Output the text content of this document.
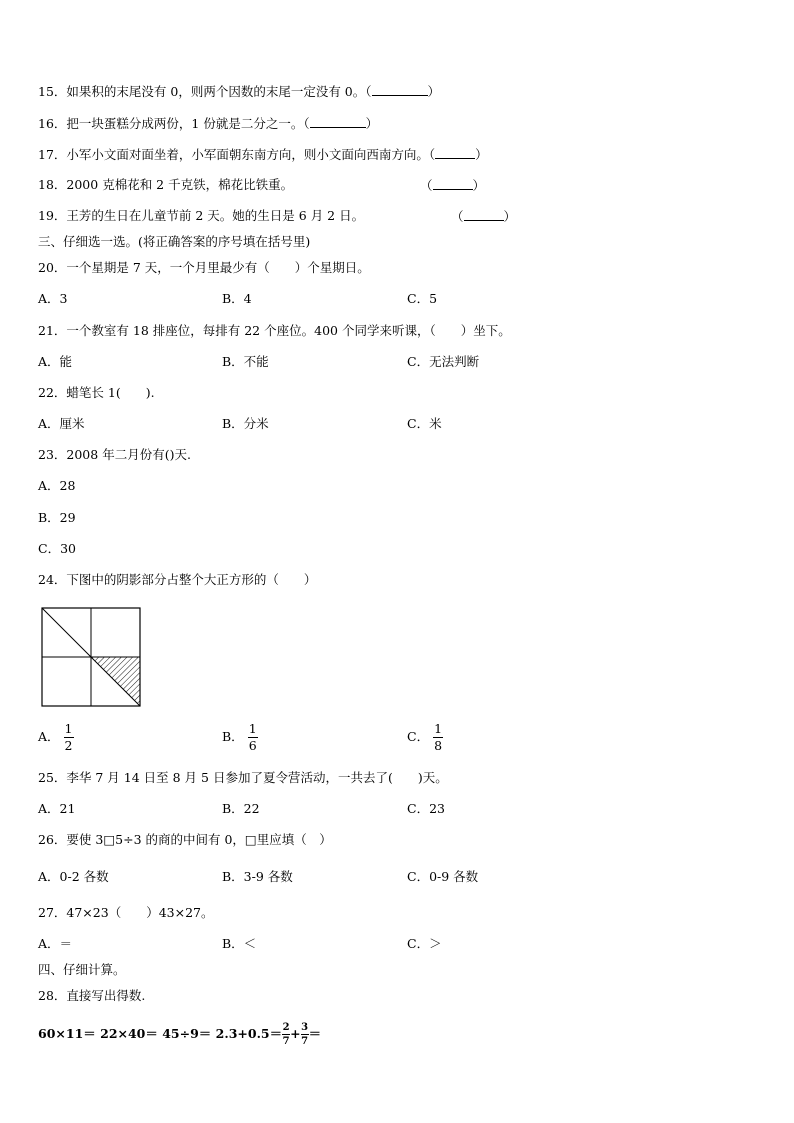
15．如果积的末尾没有 0，则两个因数的末尾一定没有 0。（	）
16．把一块蛋糕分成两份，1 份就是二分之一。（	）
17．小军小文面对面坐着，小军面朝东南方向，则小文面向西南方向。（	）
18．2000 克棉花和 2 千克铁，棉花比铁重。	（	）
19．王芳的生日在儿童节前 2 天。她的生日是 6 月 2 日。	（	）
三、仔细选一选。(将正确答案的序号填在括号里)
20．一个星期是 7 天，一个月里最少有（　　）个星期日。
A．3	B．4	C．5
21．一个教室有 18 排座位，每排有 22 个座位。400 个同学来听课，（　　）坐下。
A．能	B．不能	C．无法判断
22．蜡笔长 1(　　).
A．厘米	B．分米	C．米
23．2008 年二月份有()天.
A．28
B．29
C．30
24．下图中的阴影部分占整个大正方形的（　　）
A． $\frac{1}{2}$	B． $\frac{1}{6}$	C． $\frac{1}{8}$
25．李华 7 月 14 日至 8 月 5 日参加了夏令营活动，一共去了(　　)天。
A．21	B．22	C．23
26．要使 3□5÷3 的商的中间有 0，□里应填（　）
A．0-2 各数	B．3-9 各数	C．0-9 各数
27．47×23（　　）43×27。
A．＝	B．＜	C．＞
四、仔细计算。
28．直接写出得数.
$60\times 11= 22\times 40= 45\div 9= 2.3+0.5= \frac{2}{7} + \frac{3}{7}$ ＝
